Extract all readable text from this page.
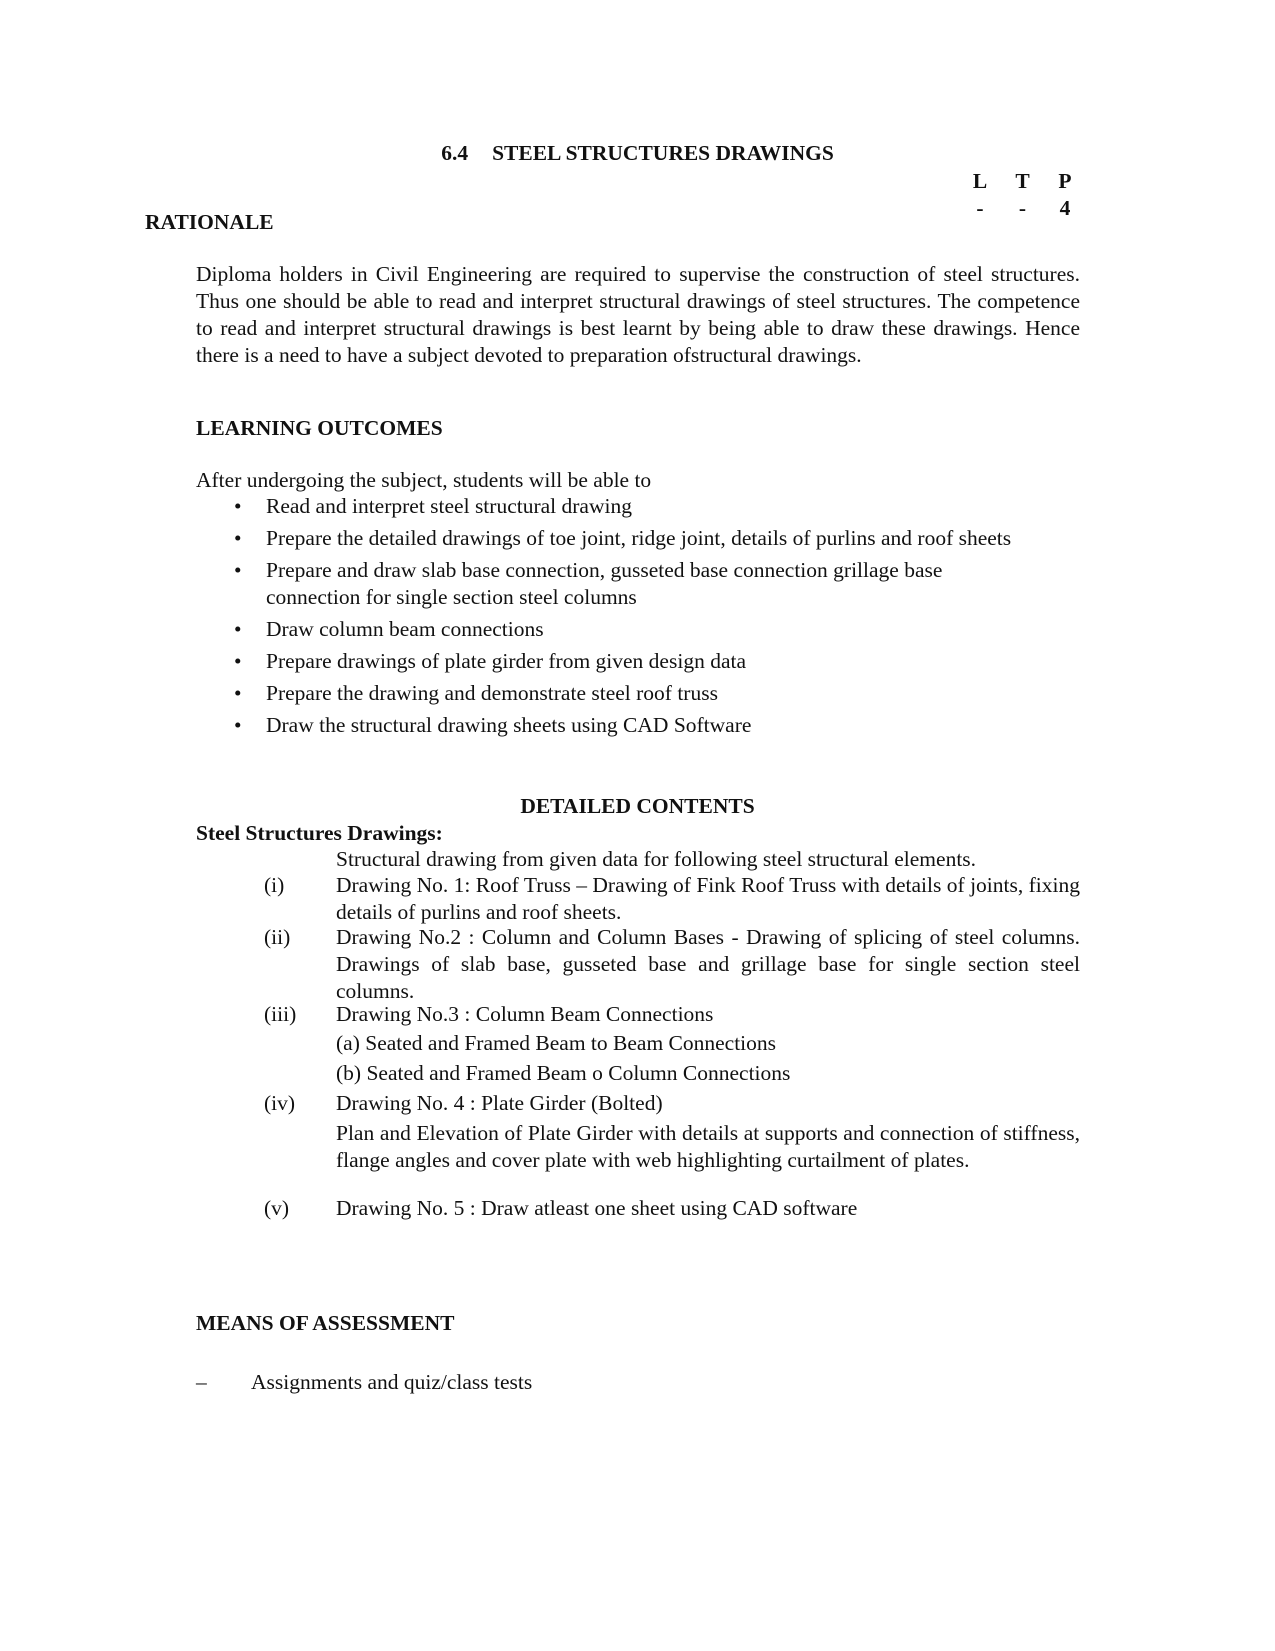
6.4 STEEL STRUCTURES DRAWINGS
L	T	P
-	-	4
RATIONALE
Diploma holders in Civil Engineering are required to supervise the construction of steel structures. Thus one should be able to read and interpret structural drawings of steel structures. The competence to read and interpret structural drawings is best learnt by being able to draw these drawings. Hence there is a need to have a subject devoted to preparation ofstructural drawings.
LEARNING OUTCOMES
After undergoing the subject, students will be able to
• Read and interpret steel structural drawing
• Prepare the detailed drawings of toe joint, ridge joint, details of purlins and roof sheets
• Prepare and draw slab base connection, gusseted base connection grillage base connection for single section steel columns
• Draw column beam connections
• Prepare drawings of plate girder from given design data
• Prepare the drawing and demonstrate steel roof truss
• Draw the structural drawing sheets using CAD Software
DETAILED CONTENTS
Steel Structures Drawings:
Structural drawing from given data for following steel structural elements.
(i)	Drawing No. 1: Roof Truss – Drawing of Fink Roof Truss with details of joints, fixing details of purlins and roof sheets.
(ii)	Drawing No.2 : Column and Column Bases - Drawing of splicing of steel columns. Drawings of slab base, gusseted base and grillage base for single section steel columns.
(iii)	Drawing No.3 : Column Beam Connections
(a) Seated and Framed Beam to Beam Connections
(b) Seated and Framed Beam o Column Connections
(iv)	Drawing No. 4 : Plate Girder (Bolted)
Plan and Elevation of Plate Girder with details at supports and connection of stiffness, flange angles and cover plate with web highlighting curtailment of plates.
(v)	Drawing No. 5 : Draw atleast one sheet using CAD software
MEANS OF ASSESSMENT
– Assignments and quiz/class tests
